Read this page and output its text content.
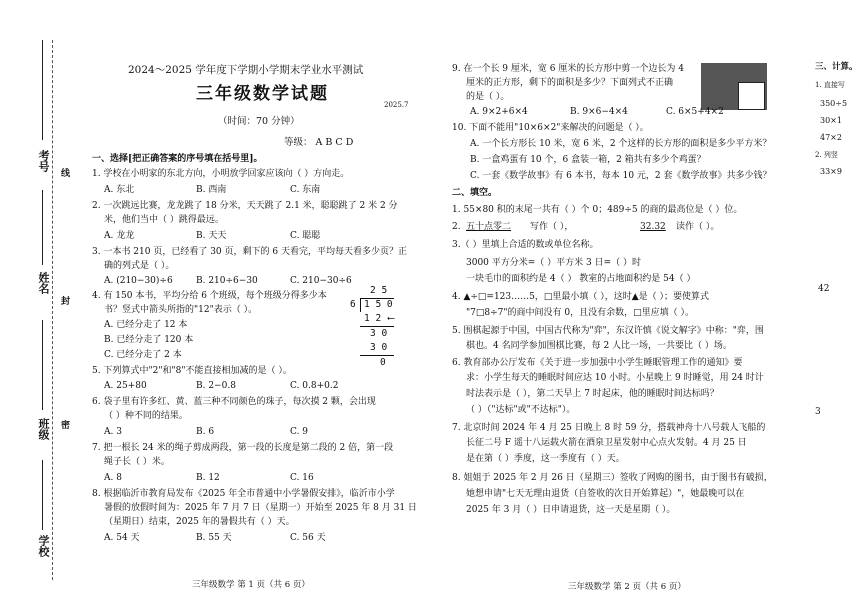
考号
姓名
班级
学校
线
封
密
2024～2025 学年度下学期小学期末学业水平测试
三年级数学试题
2025.7
（时间：70 分钟）
等级： A B C D
一、选择[把正确答案的序号填在括号里]。
1. 学校在小明家的东北方向，小明放学回家应该向（ ）方向走。
A. 东北	B. 西南	C. 东南
2. 一次跳远比赛，龙龙跳了 18 分米，天天跳了 2.1 米，聪聪跳了 2 米 2 分
米，他们当中（ ）跳得最远。
A. 龙龙	B. 天天	C. 聪聪
3. 一本书 210 页，已经看了 30 页，剩下的 6 天看完，平均每天看多少页？正
确的列式是（ ）。
A. (210−30)÷6	B. 210÷6−30	C. 210−30÷6
4. 有 150 本书，平均分给 6 个班级，每个班级分得多少本
书？竖式中箭头所指的"12"表示（ ）。
A. 已经分走了 12 本
B. 已经分走了 120 本
C. 已经分走了 2 本
2 5
6 1 5 0
1 2 ⟵
3 0
3 0
0
5. 下列算式中"2"和"8"不能直接相加减的是（ ）。
A. 25+80	B. 2−0.8	C. 0.8+0.2
6. 袋子里有许多红、黄、蓝三种不同颜色的珠子，每次摸 2 颗，会出现
（ ）种不同的结果。
A. 3	B. 6	C. 9
7. 把一根长 24 米的绳子剪成两段，第一段的长度是第二段的 2 倍，第一段
绳子长（ ）米。
A. 8	B. 12	C. 16
8. 根据临沂市教育局发布《2025 年全市普通中小学暑假安排》，临沂市小学
暑假的放假时间为：2025 年 7 月 7 日（星期一）开始至 2025 年 8 月 31 日
（星期日）结束，2025 年的暑假共有（ ）天。
A. 54 天	B. 55 天	C. 56 天
三年级数学 第 1 页（共 6 页）
9. 在一个长 9 厘米，宽 6 厘米的长方形中剪一个边长为 4
厘米的正方形，剩下的面积是多少？下面列式不正确
的是（ ）。
A. 9×2+6×4	B. 9×6−4×4	C. 6×5+4×2
10. 下面不能用"10×6×2"来解决的问题是（ ）。
A. 一个长方形长 10 米，宽 6 米，2 个这样的长方形的面积是多少平方米？
B. 一盒鸡蛋有 10 个，6 盒装一箱，2 箱共有多少个鸡蛋？
C. 一套《数学故事》有 6 本书，每本 10 元，2 套《数学故事》共多少钱？
二、填空。
1. 55×80 积的末尾一共有（ ）个 0；489÷5 的商的最高位是（ ）位。
2. 五十点零二 写作（ ），	32.32 读作（ ）。
3.（ ）里填上合适的数或单位名称。
3000 平方分米=（ ）平方米 3 日=（ ）时
一块毛巾的面积约是 4（ ） 教室的占地面积约是 54（ ）
4. ▲÷□=123……5，□里最小填（ ），这时▲是（ ）；要使算式
"7□8÷7"的商中间没有 0，且没有余数，□里应填（ ）。
5. 围棋起源于中国，中国古代称为"弈"，东汉许慎《说文解字》中称："弈，围
棋也。4 名同学参加围棋比赛，每 2 人比一场，一共要比（ ）场。
6. 教育部办公厅发布《关于进一步加强中小学生睡眠管理工作的通知》要
求：小学生每天的睡眠时间应达 10 小时。小星晚上 9 时睡觉，用 24 时计
时法表示是（ ），第二天早上 7 时起床，他的睡眠时间达标吗？
（ ）（"达标"或"不达标"）。
7. 北京时间 2024 年 4 月 25 日晚上 8 时 59 分，搭载神舟十八号载人飞船的
长征二号 F 遥十八运载火箭在酒泉卫星发射中心点火发射。4 月 25 日
是在第（ ）季度，这一季度有（ ）天。
8. 姐姐于 2025 年 2 月 26 日（星期三）签收了网购的图书，由于图书有破损，
她想申请"七天无理由退货（自签收的次日开始算起）"，她最晚可以在
2025 年 3 月（ ）日申请退货，这一天是星期（ ）。
三年级数学 第 2 页（共 6 页）
三、计算。
1. 直接写
350÷5
30×1
47×2
2. 列竖
33×9
42
3
